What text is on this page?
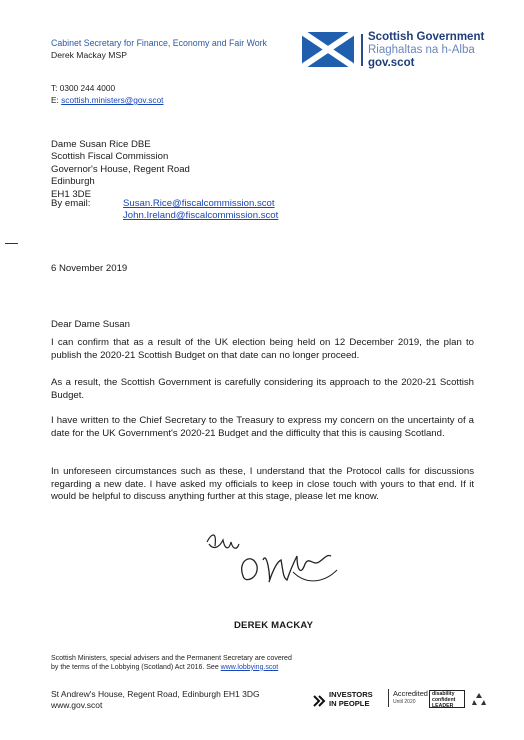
Cabinet Secretary for Finance, Economy and Fair Work
Derek Mackay MSP
Scottish Government
Riaghaltas na h-Alba
gov.scot
T: 0300 244 4000
E: scottish.ministers@gov.scot
Dame Susan Rice DBE
Scottish Fiscal Commission
Governor's House, Regent Road
Edinburgh
EH1 3DE
By email:	Susan.Rice@fiscalcommission.scot
John.Ireland@fiscalcommission.scot
6 November 2019
Dear Dame Susan
I can confirm that as a result of the UK election being held on 12 December 2019, the plan to publish the 2020-21 Scottish Budget on that date can no longer proceed.
As a result, the Scottish Government is carefully considering its approach to the 2020-21 Scottish Budget.
I have written to the Chief Secretary to the Treasury to express my concern on the uncertainty of a date for the UK Government's 2020-21 Budget and the difficulty that this is causing Scotland.
In unforeseen circumstances such as these, I understand that the Protocol calls for discussions regarding a new date. I have asked my officials to keep in close touch with yours to that end. If it would be helpful to discuss anything further at this stage, please let me know.
DEREK MACKAY
Scottish Ministers, special advisers and the Permanent Secretary are covered by the terms of the Lobbying (Scotland) Act 2016. See www.lobbying.scot
St Andrew's House, Regent Road, Edinburgh EH1 3DG
www.gov.scot
INVESTORS
IN PEOPLE
Accredited
Until 2020
disability
confident
LEADER
